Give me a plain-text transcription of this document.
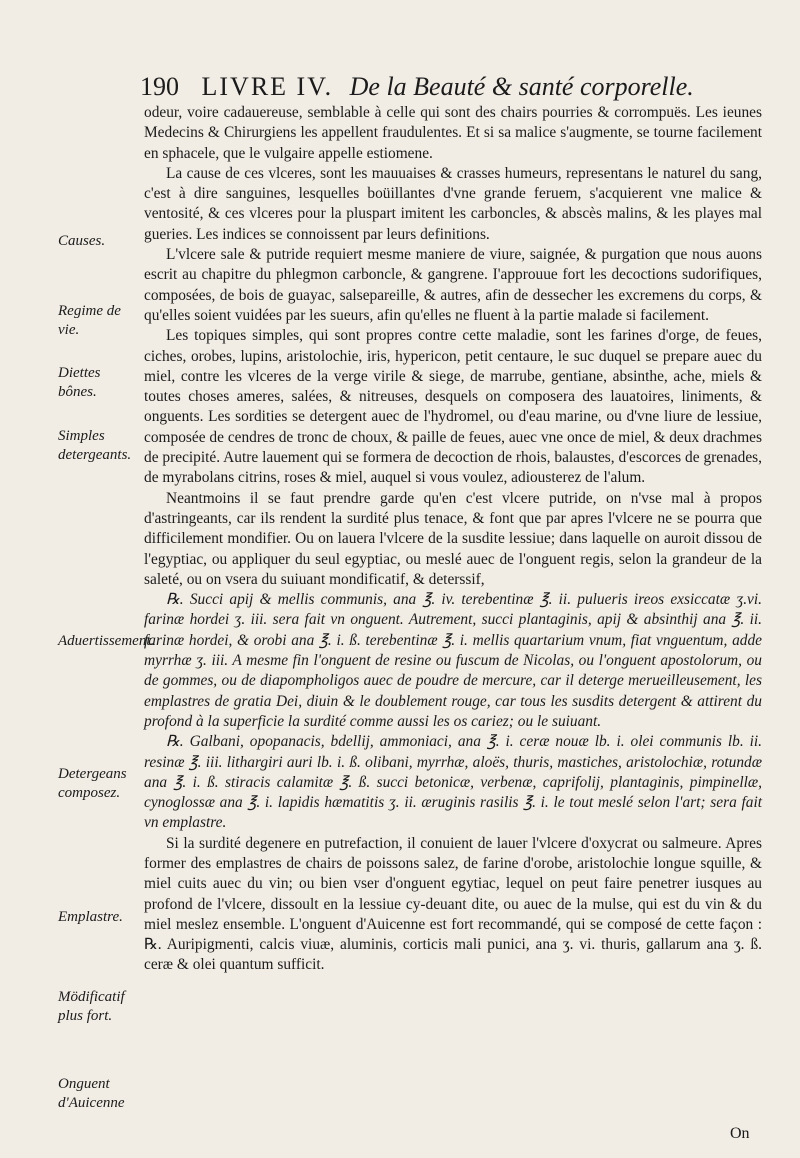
190 LIVRE IV. De la Beauté & santé corporelle.
Causes.
Regime de vie.
Diettes bônes.
Simples detergeants.
Aduertissement.
Detergeans composez.
Emplastre.
Mödificatif plus fort.
Onguent d'Auicenne

odeur, voire cadauereuse, semblable à celle qui sont des chairs pourries & corrompuës. Les ieunes Medecins & Chirurgiens les appellent fraudulentes. Et si sa malice s'augmente, se tourne facilement en sphacele, que le vulgaire appelle estiomene.

La cause de ces vlceres, sont les mauuaises & crasses humeurs, representans le naturel du sang, c'est à dire sanguines, lesquelles boüillantes d'vne grande feruem, s'acquierent vne malice & ventosité, & ces vlceres pour la pluspart imitent les carboncles, & abscès malins, & les playes mal gueries. Les indices se connoissent par leurs definitions.

L'vlcere sale & putride requiert mesme maniere de viure, saignée, & purgation que nous auons escrit au chapitre du phlegmon carboncle, & gangrene. I'approuue fort les decoctions sudorifiques, composées, de bois de guayac, salsepareille, & autres, afin de dessecher les excremens du corps, & qu'elles soient vuidées par les sueurs, afin qu'elles ne fluent à la partie malade si facilement.

Les topiques simples, qui sont propres contre cette maladie, sont les farines d'orge, de feues, ciches, orobes, lupins, aristolochie, iris, hypericon, petit centaure, le suc duquel se prepare auec du miel, contre les vlceres de la verge virile & siege, de marrube, gentiane, absinthe, ache, miels & toutes choses ameres, salées, & nitreuses, desquels on composera des lauatoires, liniments, & onguents. Les sordities se detergent auec de l'hydromel, ou d'eau marine, ou d'vne liure de lessiue, composée de cendres de tronc de choux, & paille de feues, auec vne once de miel, & deux drachmes de precipité. Autre lauement qui se formera de decoction de rhois, balaustes, d'escorces de grenades, de myrabolans citrins, roses & miel, auquel si vous voulez, adiousterez de l'alum.

Neantmoins il se faut prendre garde qu'en c'est vlcere putride, on n'vse mal à propos d'astringeants, car ils rendent la surdité plus tenace, & font que par apres l'vlcere ne se pourra que difficilement mondifier. Ou on lauera l'vlcere de la susdite lessiue; dans laquelle on auroit dissou de l'egyptiac, ou appliquer du seul egyptiac, ou meslé auec de l'onguent regis, selon la grandeur de la saleté, ou on vsera du suiuant mondificatif, & deterssif,

℞. Succi apij & mellis communis, ana ℥. iv. terebentinæ ℥. ii. pulueris ireos exsiccatæ ʒ.vi. farinæ hordei ʒ. iii. sera fait vn onguent. Autrement, succi plantaginis, apij & absinthij ana ℥. ii. farinæ hordei, & orobi ana ℥. i. ß. terebentinæ ℥. i. mellis quartarium vnum, fiat vnguentum, adde myrrhæ ʒ. iii. A mesme fin l'onguent de resine ou fuscum de Nicolas, ou l'onguent apostolorum, ou de gommes, ou de diapompholigos auec de poudre de mercure, car il deterge merueilleusement, les emplastres de gratia Dei, diuin & le doublement rouge, car tous les susdits detergent & attirent du profond à la superficie la surdité comme aussi les os cariez; ou le suiuant.

℞. Galbani, opopanacis, bdellij, ammoniaci, ana ℥. i. ceræ nouæ lb. i. olei communis lb. ii. resinæ ℥. iii. lithargiri auri lb. i. ß. olibani, myrrhæ, aloës, thuris, mastiches, aristolochiæ, rotundæ ana ℥. i. ß. stiracis calamitæ ℥. ß. succi betonicæ, verbenæ, caprifolij, plantaginis, pimpinellæ, cynoglossæ ana ℥. i. lapidis hæmatitis ʒ. ii. æruginis rasilis ℥. i. le tout meslé selon l'art; sera fait vn emplastre.

Si la surdité degenere en putrefaction, il conuient de lauer l'vlcere d'oxycrat ou salmeure. Apres former des emplastres de chairs de poissons salez, de farine d'orobe, aristolochie longue squille, & miel cuits auec du vin; ou bien vser d'onguent egytiac, lequel on peut faire penetrer iusques au profond de l'vlcere, dissoult en la lessiue cy-deuant dite, ou auec de la mulse, qui est du vin & du miel meslez ensemble. L'onguent d'Auicenne est fort recommandé, qui se composé de cette façon : ℞. Auripigmenti, calcis viuæ, aluminis, corticis mali punici, ana ʒ. vi. thuris, gallarum ana ʒ. ß. ceræ & olei quantum sufficit.

On
